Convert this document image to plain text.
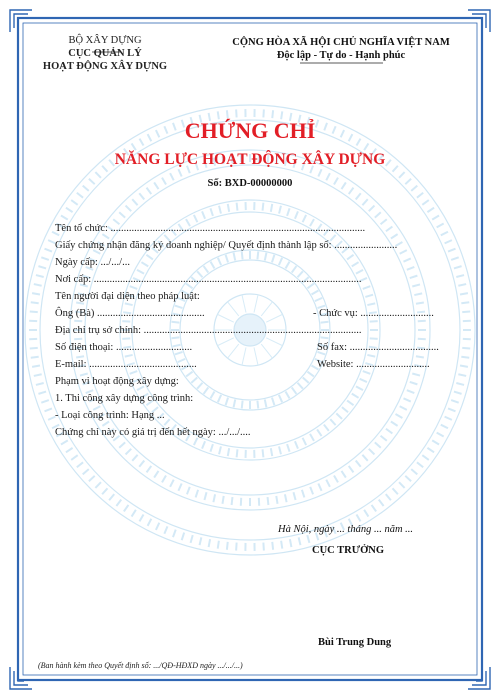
BỘ XÂY DỰNG
CỤC QUẢN LÝ
HOẠT ĐỘNG XÂY DỰNG
CỘNG HÒA XÃ HỘI CHỦ NGHĨA VIỆT NAM
Độc lập - Tự do - Hạnh phúc
CHỨNG CHỈ
NĂNG LỰC HOẠT ĐỘNG XÂY DỰNG
Số: BXD-00000000
Tên tổ chức: .................................................................................................
Giấy chứng nhận đăng ký doanh nghiệp/ Quyết định thành lập số: ........................
Ngày cấp: .../.../...
Nơi cấp: ......................................................................................................
Tên người đại diện theo pháp luật:
Ông (Bà) .........................................	- Chức vụ: ............................
Địa chỉ trụ sở chính: ...................................................................................
Số điện thoại: .............................	Số fax: ..................................
E-mail: .........................................	Website: ............................
Phạm vi hoạt động xây dựng:
1. Thi công xây dựng công trình:
- Loại công trình: Hạng ...
Chứng chỉ này có giá trị đến hết ngày: .../.../....
Hà Nội, ngày ... tháng ... năm ...
CỤC TRƯỞNG
Bùi Trung Dung
(Ban hành kèm theo Quyết định số: .../QĐ-HĐXD ngày .../.../...)
